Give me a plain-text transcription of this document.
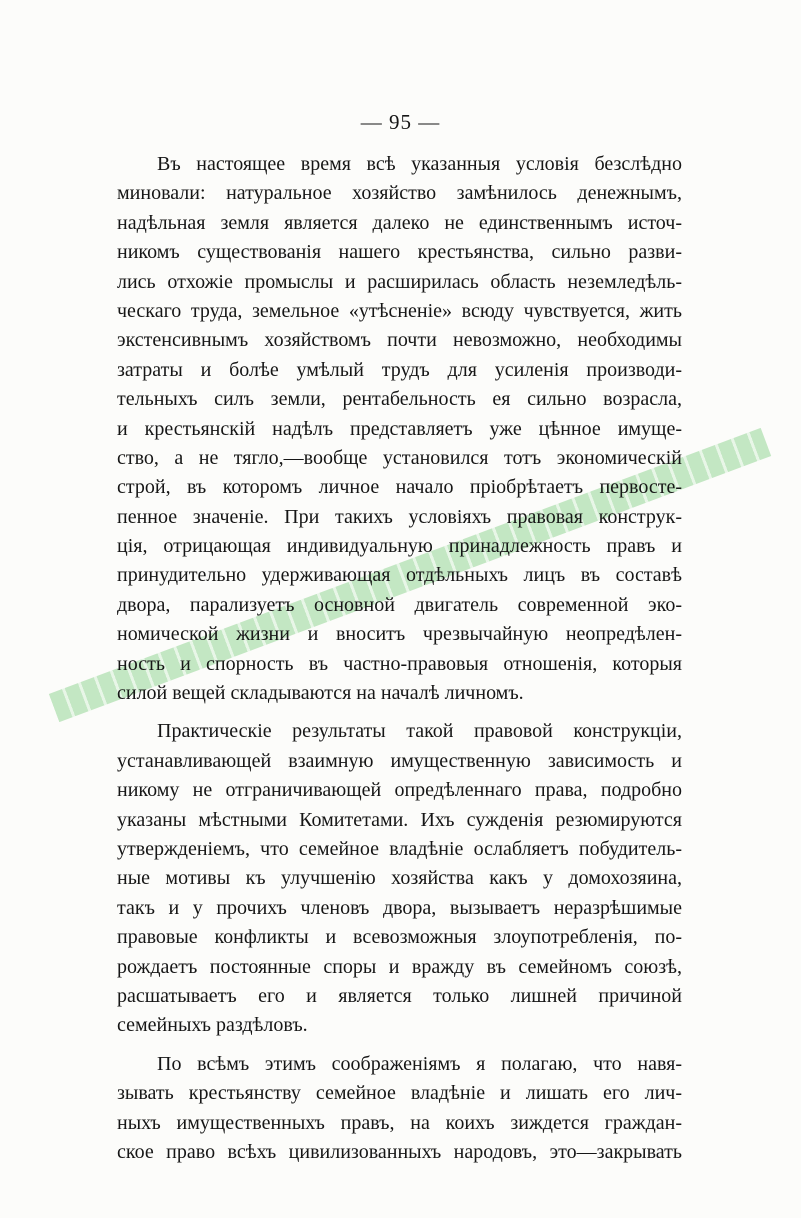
— 95 —
Въ настоящее время всѣ указанныя условія безслѣдно
миновали: натуральное хозяйство замѣнилось денежнымъ,
надѣльная земля является далеко не единственнымъ источ-
никомъ существованія нашего крестьянства, сильно разви-
лись отхожіе промыслы и расширилась область неземледѣль-
ческаго труда, земельное «утѣсненіе» всюду чувствуется, жить
экстенсивнымъ хозяйствомъ почти невозможно, необходимы
затраты и болѣе умѣлый трудъ для усиленія производи-
тельныхъ силъ земли, рентабельность ея сильно возрасла,
и крестьянскій надѣлъ представляетъ уже цѣнное имуще-
ство, а не тягло,—вообще установился тотъ экономическій
строй, въ которомъ личное начало пріобрѣтаетъ первосте-
пенное значеніе. При такихъ условіяхъ правовая конструк-
ція, отрицающая индивидуальную принадлежность правъ и
принудительно удерживающая отдѣльныхъ лицъ въ составѣ
двора, парализуетъ основной двигатель современной эко-
номической жизни и вноситъ чрезвычайную неопредѣлен-
ность и спорность въ частно-правовыя отношенія, которыя
силой вещей складываются на началѣ личномъ.
Практическіе результаты такой правовой конструкціи,
устанавливающей взаимную имущественную зависимость и
никому не отграничивающей опредѣленнаго права, подробно
указаны мѣстными Комитетами. Ихъ сужденія резюмируются
утвержденіемъ, что семейное владѣніе ослабляетъ побудитель-
ные мотивы къ улучшенію хозяйства какъ у домохозяина,
такъ и у прочихъ членовъ двора, вызываетъ неразрѣшимые
правовые конфликты и всевозможныя злоупотребленія, по-
рождаетъ постоянные споры и вражду въ семейномъ союзѣ,
расшатываетъ его и является только лишней причиной
семейныхъ раздѣловъ.
По всѣмъ этимъ соображеніямъ я полагаю, что навя-
зывать крестьянству семейное владѣніе и лишать его лич-
ныхъ имущественныхъ правъ, на коихъ зиждется граждан-
ское право всѣхъ цивилизованныхъ народовъ, это—закрывать
